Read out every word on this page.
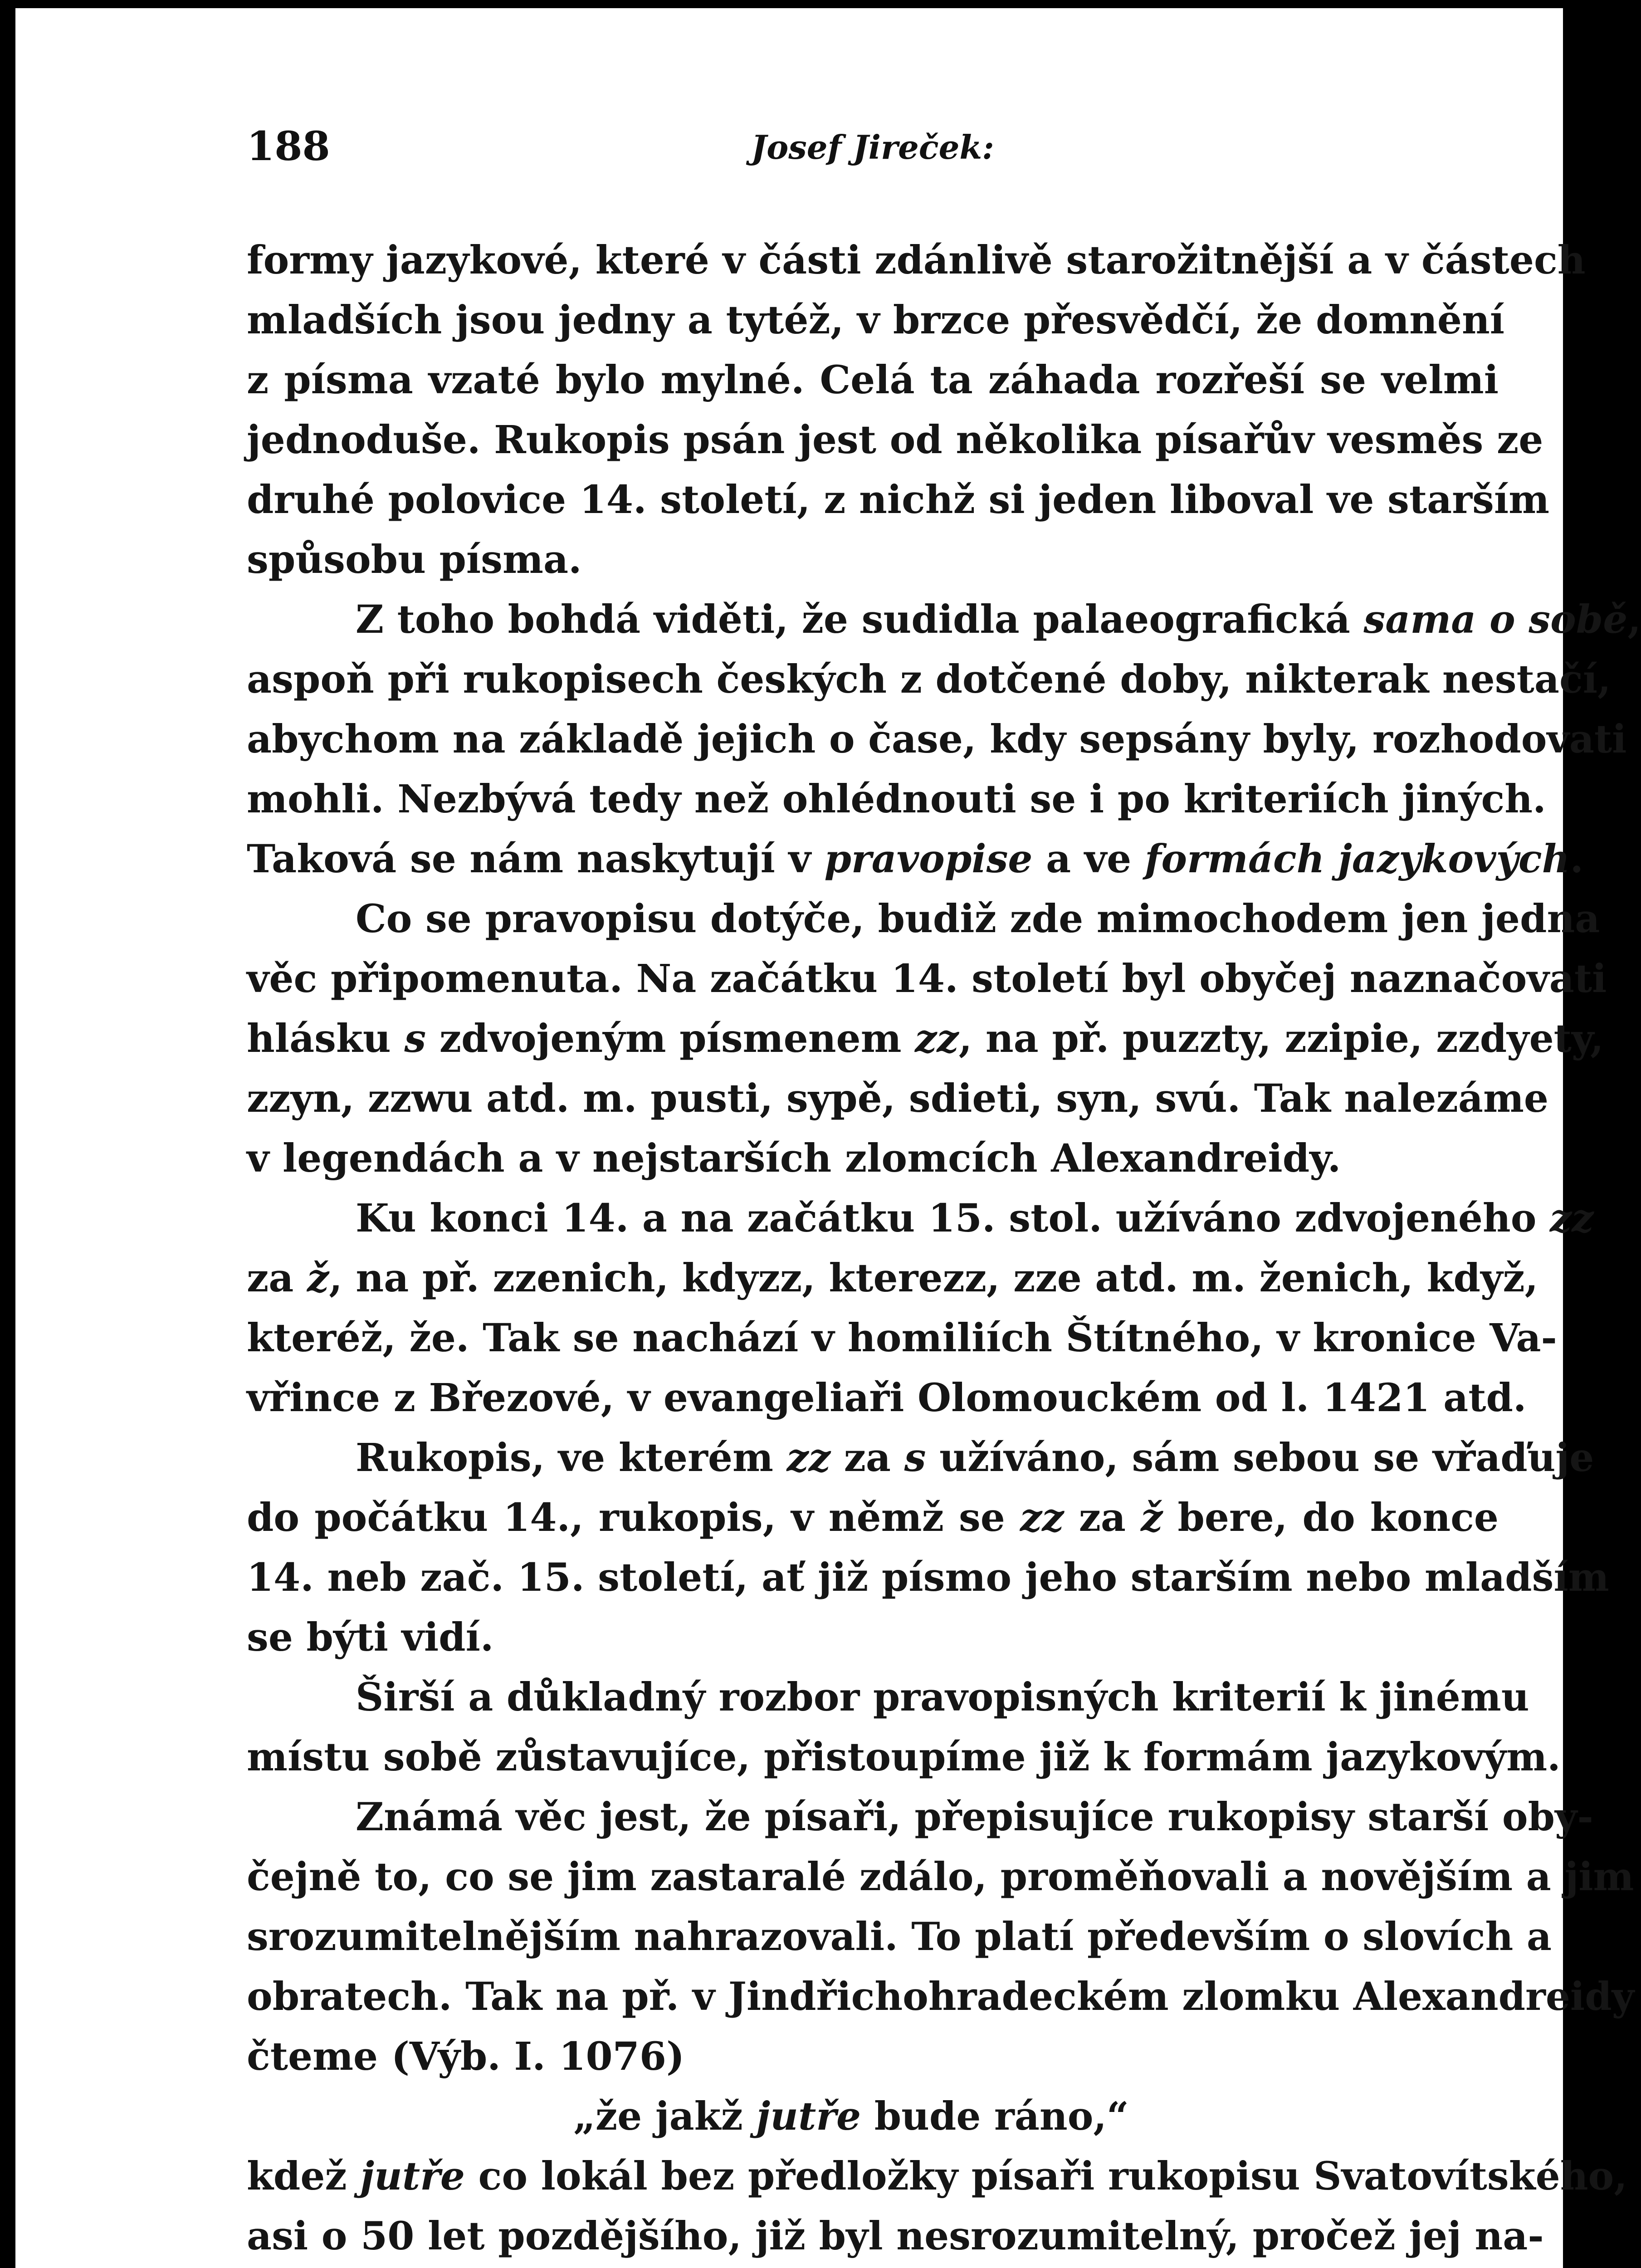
188	Josef Jireček:
formy jazykové, které v části zdánlivě starožitnější a v částech
mladších jsou jedny a tytéž, v brzce přesvědčí, že domnění
z písma vzaté bylo mylné. Celá ta záhada rozřeší se velmi
jednoduše. Rukopis psán jest od několika písařův vesměs ze
druhé polovice 14. století, z nichž si jeden liboval ve starším
spůsobu písma.
Z toho bohdá viděti, že sudidla palaeografická sama o sobě,
aspoň při rukopisech českých z dotčené doby, nikterak nestačí,
abychom na základě jejich o čase, kdy sepsány byly, rozhodovati
mohli. Nezbývá tedy než ohlédnouti se i po kriteriích jiných.
Taková se nám naskytují v pravopise a ve formách jazykových.
Co se pravopisu dotýče, budiž zde mimochodem jen jedna
věc připomenuta. Na začátku 14. století byl obyčej naznačovati
hlásku s zdvojeným písmenem zz, na př. puzzty, zzipie, zzdyety,
zzyn, zzwu atd. m. pusti, sypě, sdieti, syn, svú. Tak nalezáme
v legendách a v nejstarších zlomcích Alexandreidy.
Ku konci 14. a na začátku 15. stol. užíváno zdvojeného zz
za ž, na př. zzenich, kdyzz, kterezz, zze atd. m. ženich, když,
kteréž, že. Tak se nachází v homiliích Štítného, v kronice Va-
vřince z Březové, v evangeliaři Olomouckém od l. 1421 atd.
Rukopis, ve kterém zz za s užíváno, sám sebou se vřaďuje
do počátku 14., rukopis, v němž se zz za ž bere, do konce
14. neb zač. 15. století, ať již písmo jeho starším nebo mladším
se býti vidí.
Širší a důkladný rozbor pravopisných kriterií k jinému
místu sobě zůstavujíce, přistoupíme již k formám jazykovým.
Známá věc jest, že písaři, přepisujíce rukopisy starší oby-
čejně to, co se jim zastaralé zdálo, proměňovali a novějším a jim
srozumitelnějším nahrazovali. To platí především o slovích a
obratech. Tak na př. v Jindřichohradeckém zlomku Alexandreidy
čteme (Výb. I. 1076)
„že jakž jutře bude ráno,“
kdež jutře co lokál bez předložky písaři rukopisu Svatovítského,
asi o 50 let pozdějšího, již byl nesrozumitelný, pročež jej na-
